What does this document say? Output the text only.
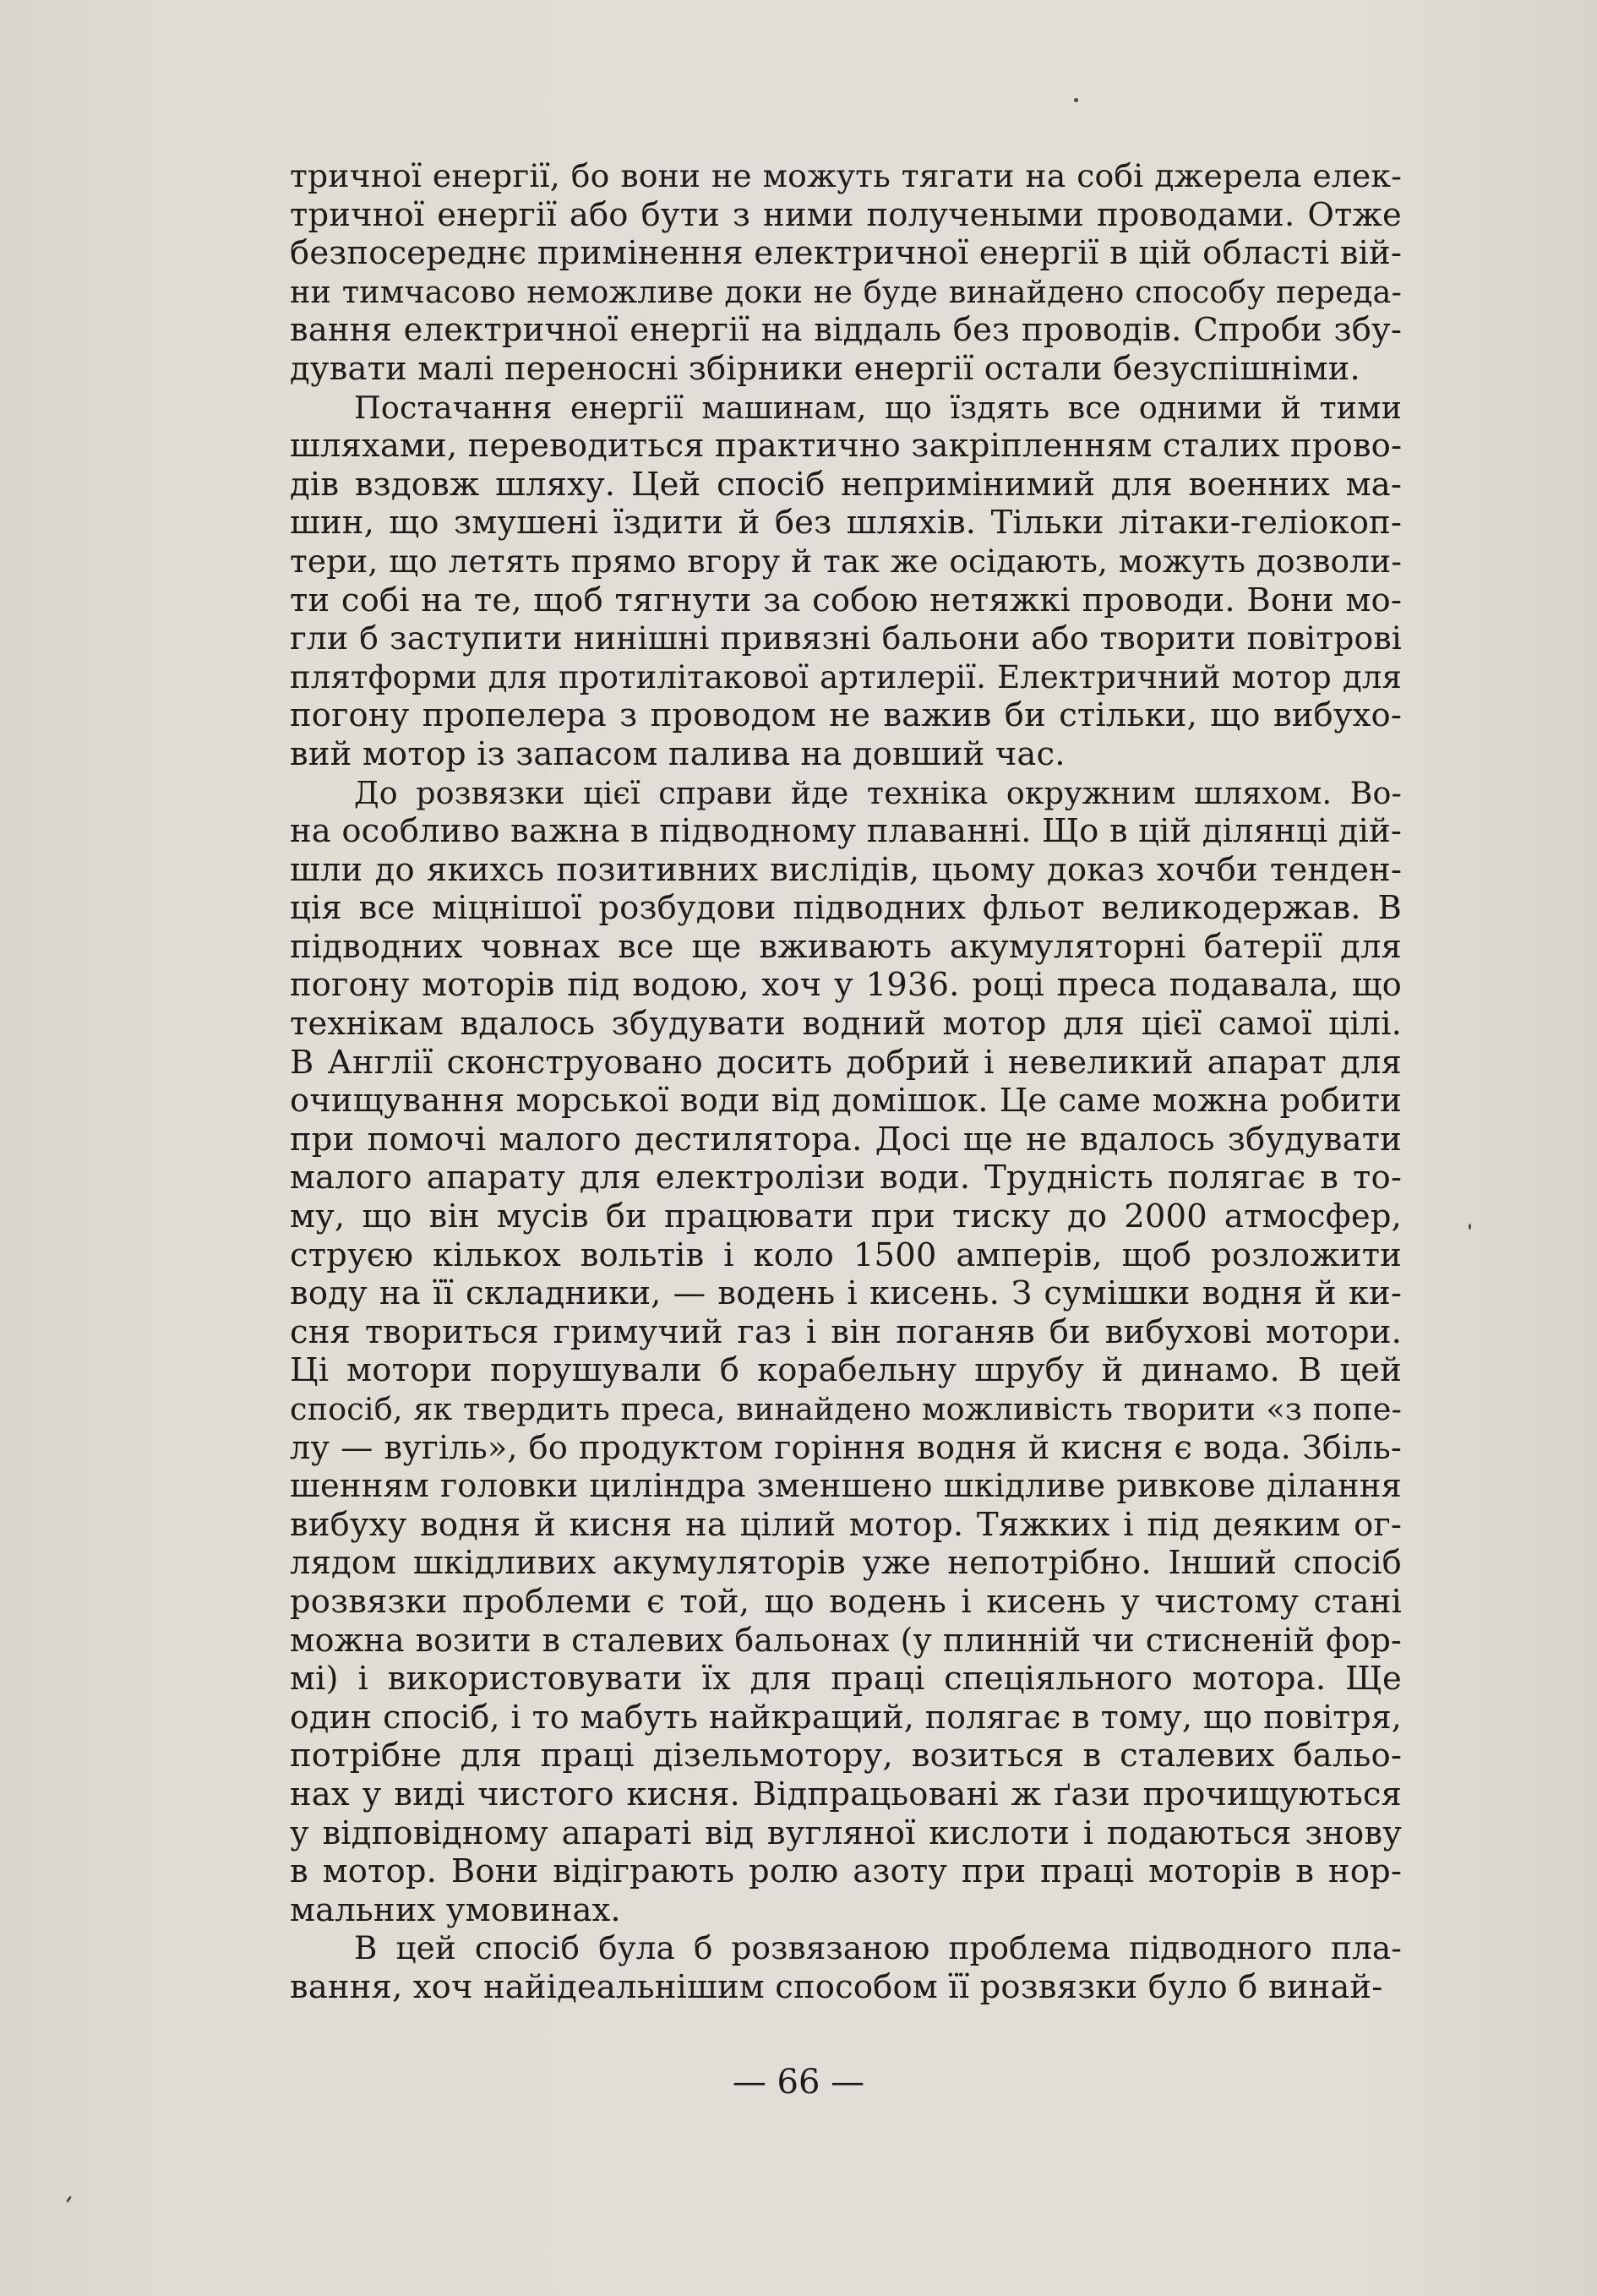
тричної енергії, бо вони не можуть тягати на собі джерела елек-
тричної енергії або бути з ними получеными проводами. Отже
безпосереднє примінення електричної енергії в цій області вій-
ни тимчасово неможливе доки не буде винайдено способу переда-
вання електричної енергії на віддаль без проводів. Спроби збу-
дувати малі переносні збірники енергії остали безуспішніми.
Постачання енергії машинам, що їздять все одними й тими
шляхами, переводиться практично закріпленням сталих прово-
дів вздовж шляху. Цей спосіб непримінимий для военних ма-
шин, що змушені їздити й без шляхів. Тільки літаки-геліокоп-
тери, що летять прямо вгору й так же осідають, можуть дозволи-
ти собі на те, щоб тягнути за собою нетяжкі проводи. Вони мо-
гли б заступити нинішні привязні бальони або творити повітрові
плятформи для протилітакової артилерії. Електричний мотор для
погону пропелера з проводом не важив би стільки, що вибухо-
вий мотор із запасом палива на довший час.
До розвязки цієї справи йде техніка окружним шляхом. Во-
на особливо важна в підводному плаванні. Що в цій ділянці дій-
шли до якихсь позитивних вислідів, цьому доказ хочби тенден-
ція все міцнішої розбудови підводних фльот великодержав. В
підводних човнах все ще вживають акумуляторні батерії для
погону моторів під водою, хоч у 1936. році преса подавала, що
технікам вдалось збудувати водний мотор для цієї самої цілі.
В Англії сконструовано досить добрий і невеликий апарат для
очищування морської води від домішок. Це саме можна робити
при помочі малого дестилятора. Досі ще не вдалось збудувати
малого апарату для електролізи води. Трудність полягає в то-
му, що він мусів би працювати при тиску до 2000 атмосфер,
струєю кількох вольтів і коло 1500 амперів, щоб розложити
воду на її складники, — водень і кисень. З сумішки водня й ки-
сня твориться гримучий газ і він поганяв би вибухові мотори.
Ці мотори порушували б корабельну шрубу й динамо. В цей
спосіб, як твердить преса, винайдено можливість творити «з попе-
лу — вугіль», бо продуктом горіння водня й кисня є вода. Збіль-
шенням головки циліндра зменшено шкідливе ривкове ділання
вибуху водня й кисня на цілий мотор. Тяжких і під деяким ог-
лядом шкідливих акумуляторів уже непотрібно. Інший спосіб
розвязки проблеми є той, що водень і кисень у чистому стані
можна возити в сталевих бальонах (у плинній чи стисненій фор-
мі) і використовувати їх для праці спеціяльного мотора. Ще
один спосіб, і то мабуть найкращий, полягає в тому, що повітря,
потрібне для праці дізельмотору, возиться в сталевих бальо-
нах у виді чистого кисня. Відпрацьовані ж ґази прочищуються
у відповідному апараті від вугляної кислоти і подаються знову
в мотор. Вони відіграють ролю азоту при праці моторів в нор-
мальних умовинах.
В цей спосіб була б розвязаною проблема підводного пла-
вання, хоч найідеальнішим способом її розвязки було б винай-
— 66 —
